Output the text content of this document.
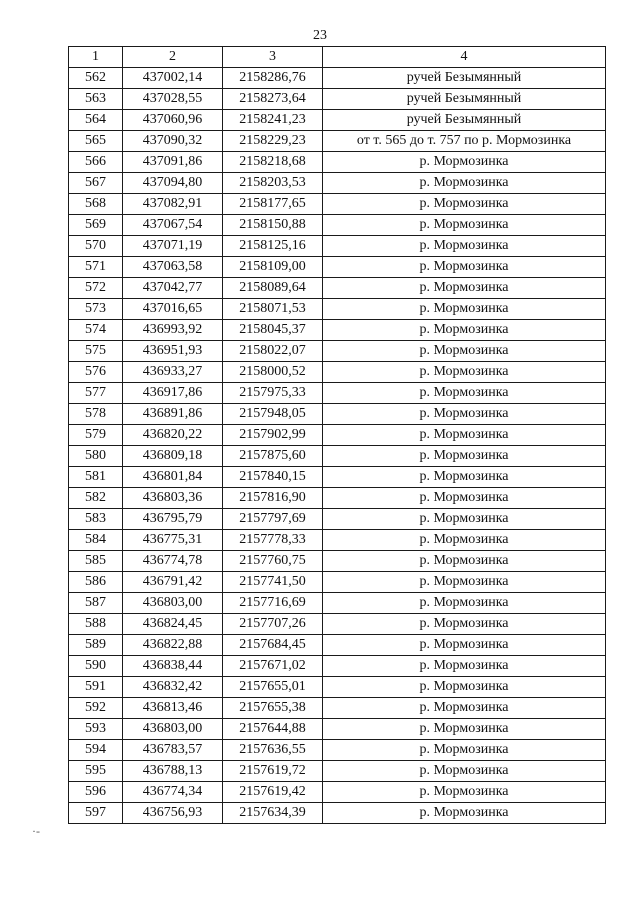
23
1	2	3	4
562	437002,14	2158286,76	ручей Безымянный
563	437028,55	2158273,64	ручей Безымянный
564	437060,96	2158241,23	ручей Безымянный
565	437090,32	2158229,23	от т. 565 до т. 757 по р. Мормозинка
566	437091,86	2158218,68	р. Мормозинка
567	437094,80	2158203,53	р. Мормозинка
568	437082,91	2158177,65	р. Мормозинка
569	437067,54	2158150,88	р. Мормозинка
570	437071,19	2158125,16	р. Мормозинка
571	437063,58	2158109,00	р. Мормозинка
572	437042,77	2158089,64	р. Мормозинка
573	437016,65	2158071,53	р. Мормозинка
574	436993,92	2158045,37	р. Мормозинка
575	436951,93	2158022,07	р. Мормозинка
576	436933,27	2158000,52	р. Мормозинка
577	436917,86	2157975,33	р. Мормозинка
578	436891,86	2157948,05	р. Мормозинка
579	436820,22	2157902,99	р. Мормозинка
580	436809,18	2157875,60	р. Мормозинка
581	436801,84	2157840,15	р. Мормозинка
582	436803,36	2157816,90	р. Мормозинка
583	436795,79	2157797,69	р. Мормозинка
584	436775,31	2157778,33	р. Мормозинка
585	436774,78	2157760,75	р. Мормозинка
586	436791,42	2157741,50	р. Мормозинка
587	436803,00	2157716,69	р. Мормозинка
588	436824,45	2157707,26	р. Мормозинка
589	436822,88	2157684,45	р. Мормозинка
590	436838,44	2157671,02	р. Мормозинка
591	436832,42	2157655,01	р. Мормозинка
592	436813,46	2157655,38	р. Мормозинка
593	436803,00	2157644,88	р. Мормозинка
594	436783,57	2157636,55	р. Мормозинка
595	436788,13	2157619,72	р. Мормозинка
596	436774,34	2157619,42	р. Мормозинка
597	436756,93	2157634,39	р. Мормозинка
·-
